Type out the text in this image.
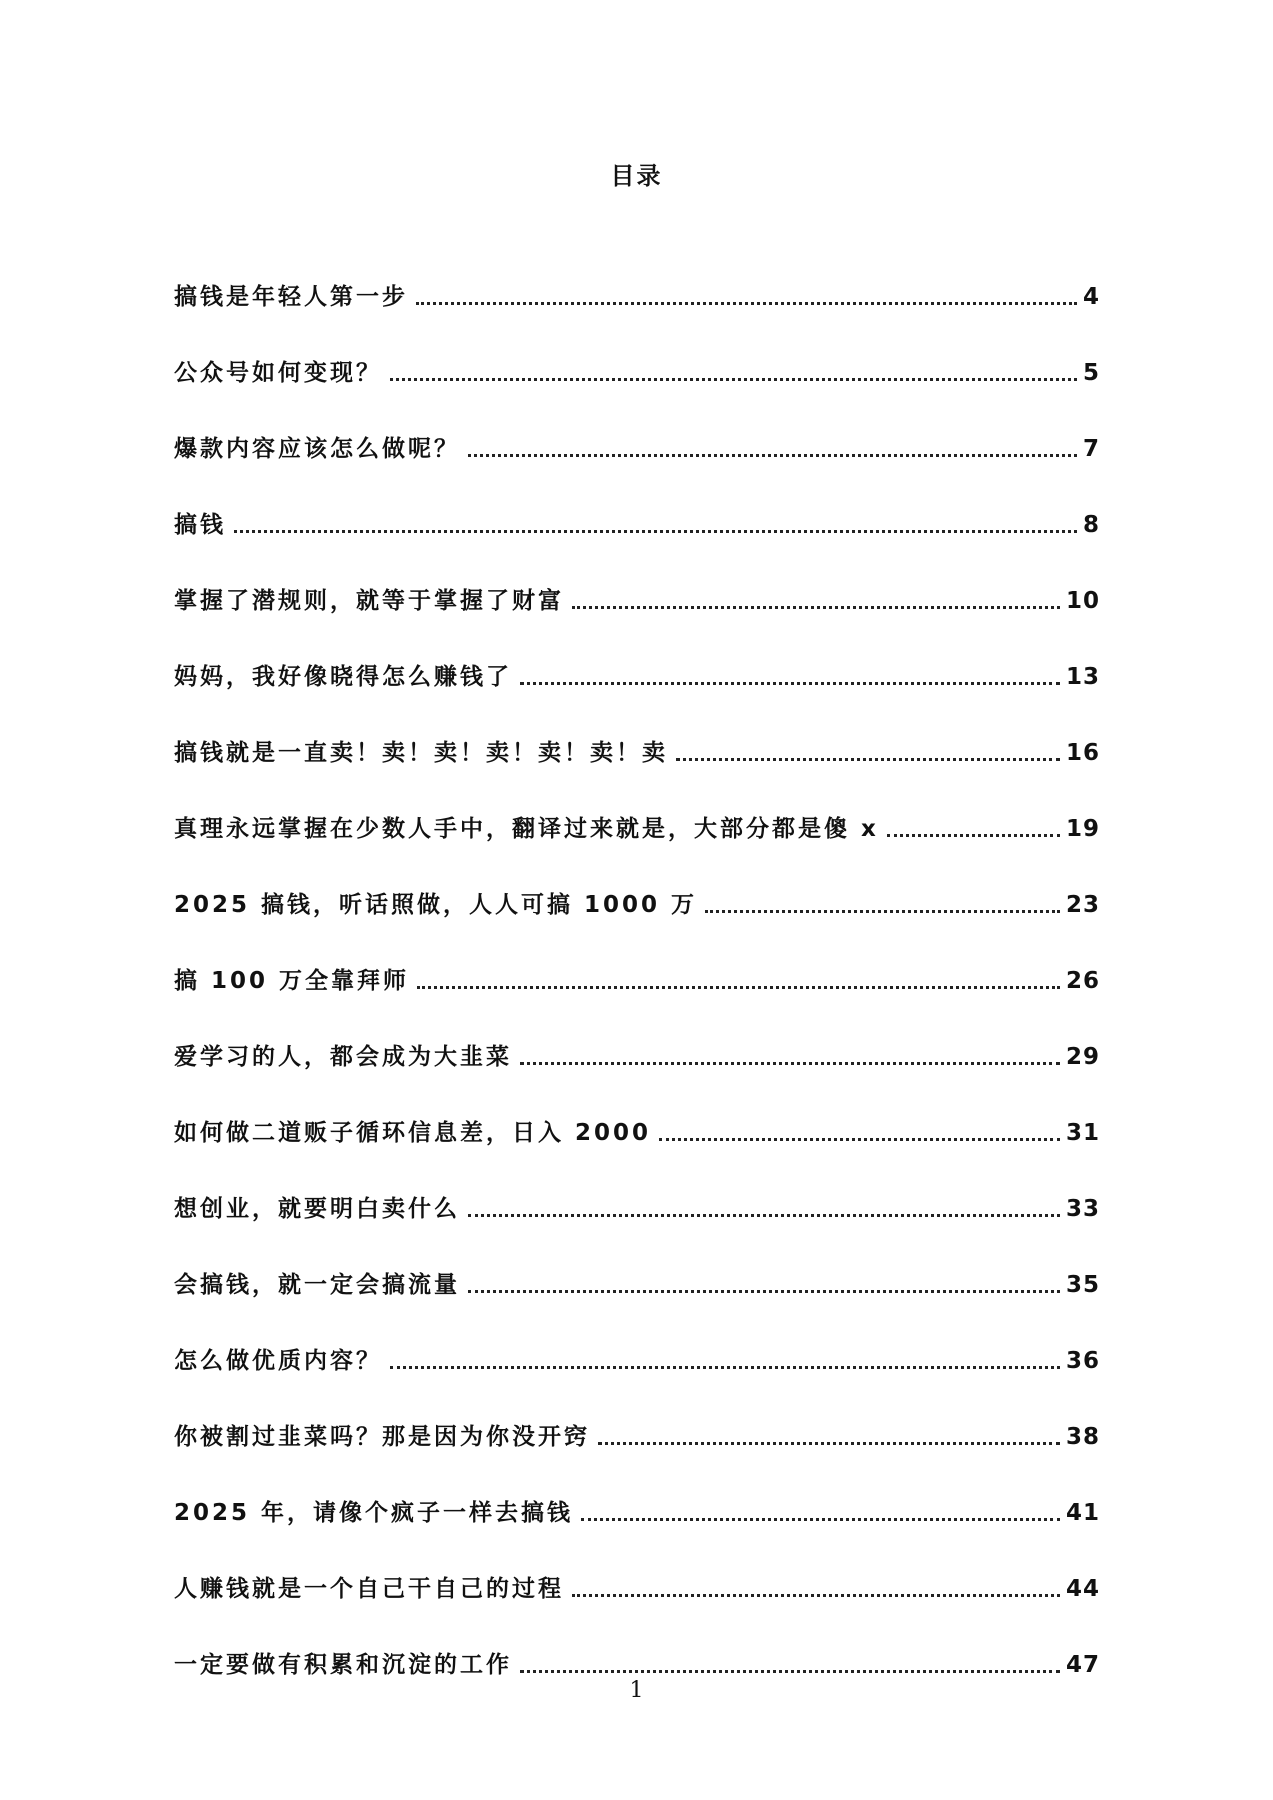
目录
搞钱是年轻人第一步	4
公众号如何变现？	5
爆款内容应该怎么做呢？	7
搞钱	8
掌握了潜规则，就等于掌握了财富	10
妈妈，我好像晓得怎么赚钱了	13
搞钱就是一直卖！卖！卖！卖！卖！卖！卖	16
真理永远掌握在少数人手中，翻译过来就是，大部分都是傻 x	19
2025 搞钱，听话照做，人人可搞 1000 万	23
搞 100 万全靠拜师	26
爱学习的人，都会成为大韭菜	29
如何做二道贩子循环信息差，日入 2000	31
想创业，就要明白卖什么	33
会搞钱，就一定会搞流量	35
怎么做优质内容？	36
你被割过韭菜吗？那是因为你没开窍	38
2025 年，请像个疯子一样去搞钱	41
人赚钱就是一个自己干自己的过程	44
一定要做有积累和沉淀的工作	47
1
